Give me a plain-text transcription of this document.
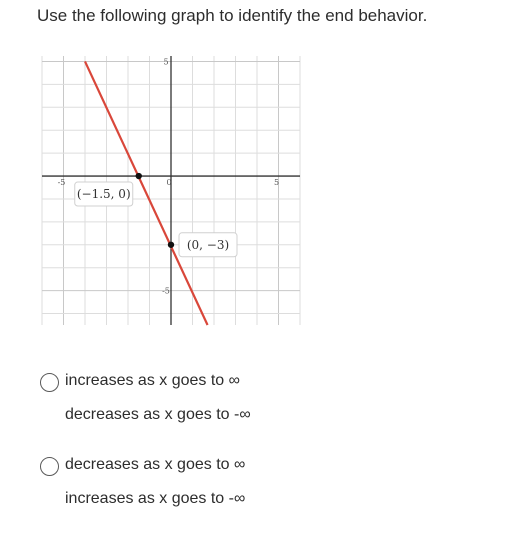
Use the following graph to identify the end behavior.
-5	0	5
5
-5
(−1.5, 0)
(0, −3)
increases as x goes to ∞
decreases as x goes to -∞
decreases as x goes to ∞
increases as x goes to -∞
